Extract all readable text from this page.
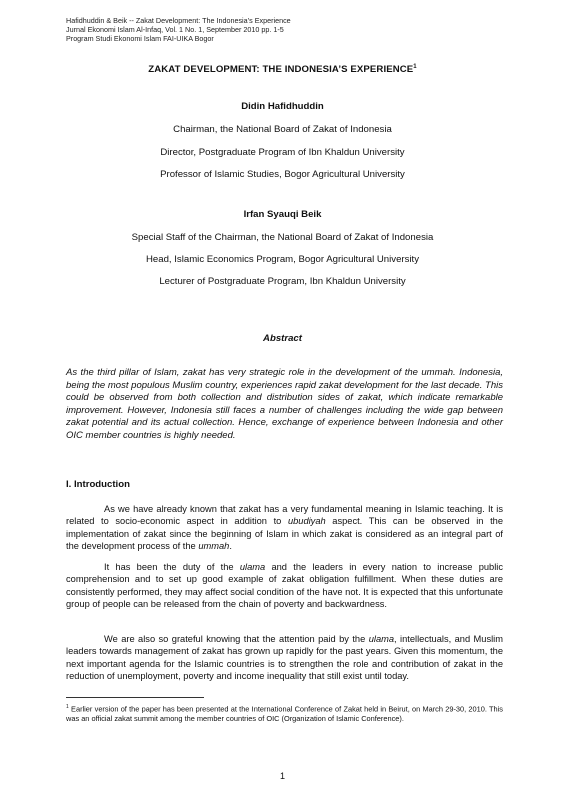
Hafidhuddin & Beik -- Zakat Development: The Indonesia’s Experience
Jurnal Ekonomi Islam Al-Infaq, Vol. 1 No. 1, September 2010 pp. 1-5
Program Studi Ekonomi Islam FAI-UIKA Bogor
ZAKAT DEVELOPMENT: THE INDONESIA’S EXPERIENCE$^1$
Didin Hafidhuddin
Chairman, the National Board of Zakat of Indonesia
Director, Postgraduate Program of Ibn Khaldun University
Professor of Islamic Studies, Bogor Agricultural University
Irfan Syauqi Beik
Special Staff of the Chairman, the National Board of Zakat of Indonesia
Head, Islamic Economics Program, Bogor Agricultural University
Lecturer of Postgraduate Program, Ibn Khaldun University
Abstract
As the third pillar of Islam, zakat has very strategic role in the development of the ummah. Indonesia, being the most populous Muslim country, experiences rapid zakat development for the last decade. This could be observed from both collection and distribution sides of zakat, which indicate remarkable improvement. However, Indonesia still faces a number of challenges including the wide gap between zakat potential and its actual collection. Hence, exchange of experience between Indonesia and other OIC member countries is highly needed.
I. Introduction
As we have already known that zakat has a very fundamental meaning in Islamic teaching. It is related to socio-economic aspect in addition to ubudiyah aspect. This can be observed in the implementation of zakat since the beginning of Islam in which zakat is considered as an integral part of the development process of the ummah.
It has been the duty of the ulama and the leaders in every nation to increase public comprehension and to set up good example of zakat obligation fulfillment. When these duties are consistently performed, they may affect social condition of the have not. It is expected that this unfortunate group of people can be released from the chain of poverty and backwardness.
We are also so grateful knowing that the attention paid by the ulama, intellectuals, and Muslim leaders towards management of zakat has grown up rapidly for the past years. Given this momentum, the next important agenda for the Islamic countries is to strengthen the role and contribution of zakat in the reduction of unemployment, poverty and income inequality that still exist until today.
$^1$ Earlier version of the paper has been presented at the International Conference of Zakat held in Beirut, on March 29-30, 2010. This was an official zakat summit among the member countries of OIC (Organization of Islamic Conference).
1
